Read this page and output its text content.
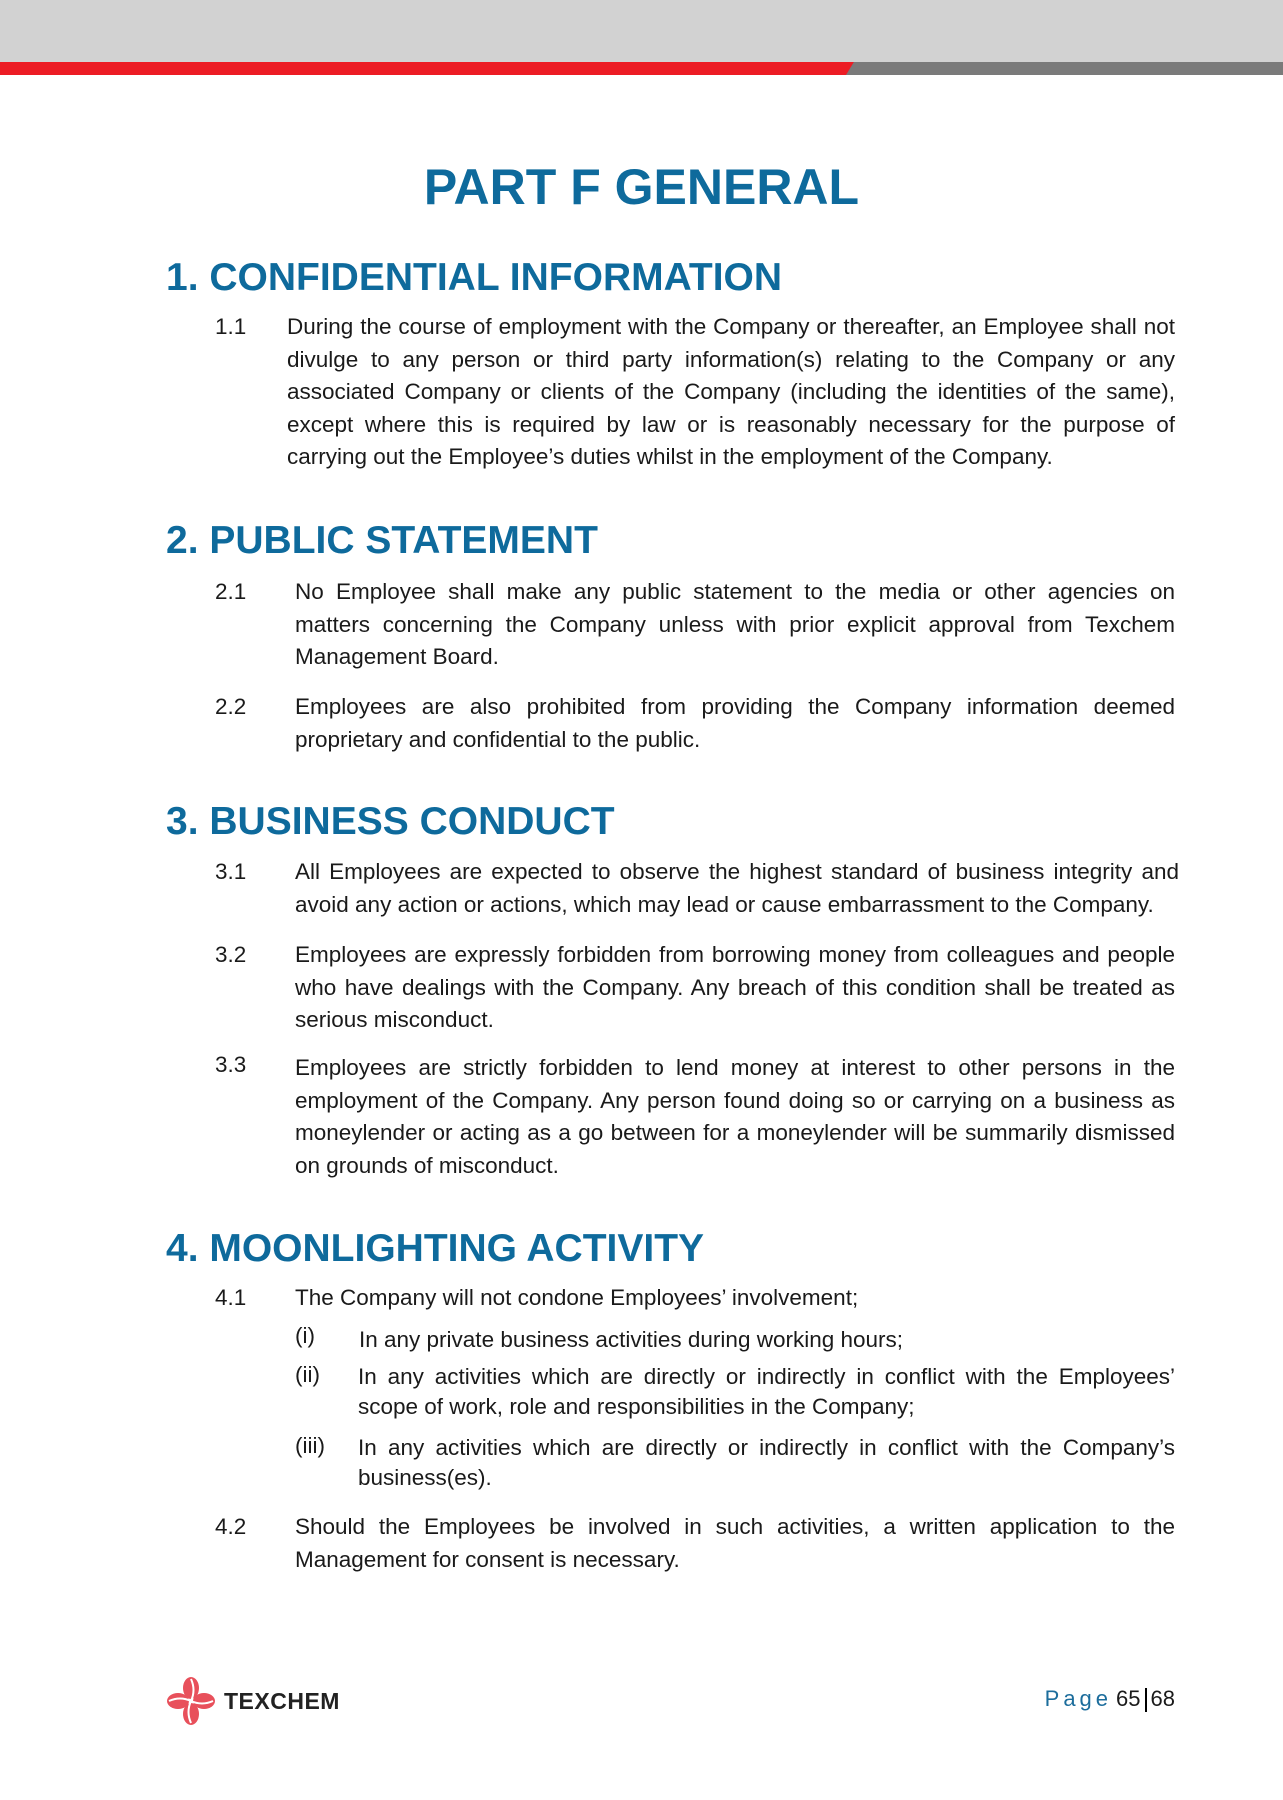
PART F GENERAL
1. CONFIDENTIAL INFORMATION
1.1 During the course of employment with the Company or thereafter, an Employee shall not divulge to any person or third party information(s) relating to the Company or any associated Company or clients of the Company (including the identities of the same), except where this is required by law or is reasonably necessary for the purpose of carrying out the Employee’s duties whilst in the employment of the Company.
2. PUBLIC STATEMENT
2.1 No Employee shall make any public statement to the media or other agencies on matters concerning the Company unless with prior explicit approval from Texchem Management Board.
2.2 Employees are also prohibited from providing the Company information deemed proprietary and confidential to the public.
3. BUSINESS CONDUCT
3.1 All Employees are expected to observe the highest standard of business integrity and avoid any action or actions, which may lead or cause embarrassment to the Company.
3.2 Employees are expressly forbidden from borrowing money from colleagues and people who have dealings with the Company. Any breach of this condition shall be treated as serious misconduct.
3.3 Employees are strictly forbidden to lend money at interest to other persons in the employment of the Company. Any person found doing so or carrying on a business as moneylender or acting as a go between for a moneylender will be summarily dismissed on grounds of misconduct.
4. MOONLIGHTING ACTIVITY
4.1 The Company will not condone Employees’ involvement;
(i) In any private business activities during working hours;
(ii) In any activities which are directly or indirectly in conflict with the Employees’ scope of work, role and responsibilities in the Company;
(iii) In any activities which are directly or indirectly in conflict with the Company’s business(es).
4.2 Should the Employees be involved in such activities, a written application to the Management for consent is necessary.
TEXCHEM	Page 65 68
